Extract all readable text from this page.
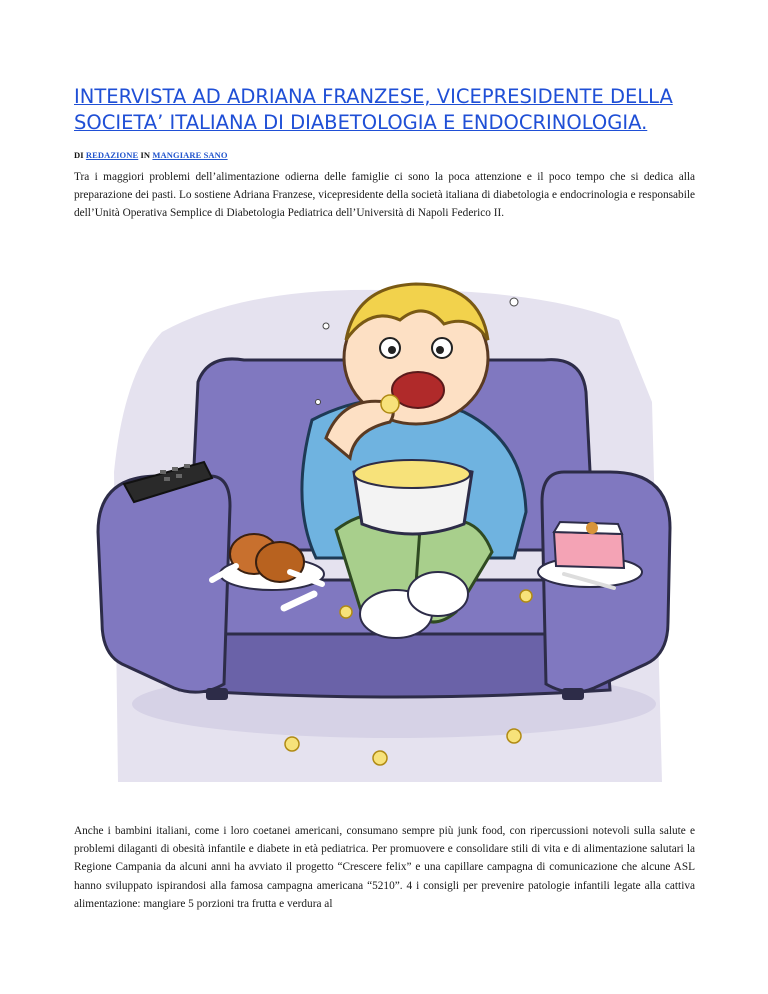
INTERVISTA AD ADRIANA FRANZESE, VICEPRESIDENTE DELLA SOCIETA’ ITALIANA DI DIABETOLOGIA E ENDOCRINOLOGIA.
DI REDAZIONE IN MANGIARE SANO

Tra i maggiori problemi dell’alimentazione odierna delle famiglie ci sono la poca attenzione e il poco tempo che si dedica alla preparazione dei pasti. Lo sostiene Adriana Franzese, vicepresidente della società italiana di diabetologia e endocrinologia e responsabile dell’Unità Operativa Semplice di Diabetologia Pediatrica dell’Università di Napoli Federico II.

Anche i bambini italiani, come i loro coetanei americani, consumano sempre più junk food, con ripercussioni notevoli sulla salute e problemi dilaganti di obesità infantile e diabete in età pediatrica. Per promuovere e consolidare stili di vita e di alimentazione salutari la Regione Campania da alcuni anni ha avviato il progetto “Crescere felix” e una capillare campagna di comunicazione che alcune ASL hanno sviluppato ispirandosi alla famosa campagna americana “5210”. 4 i consigli per prevenire patologie infantili legate alla cattiva alimentazione: mangiare 5 porzioni tra frutta e verdura al
